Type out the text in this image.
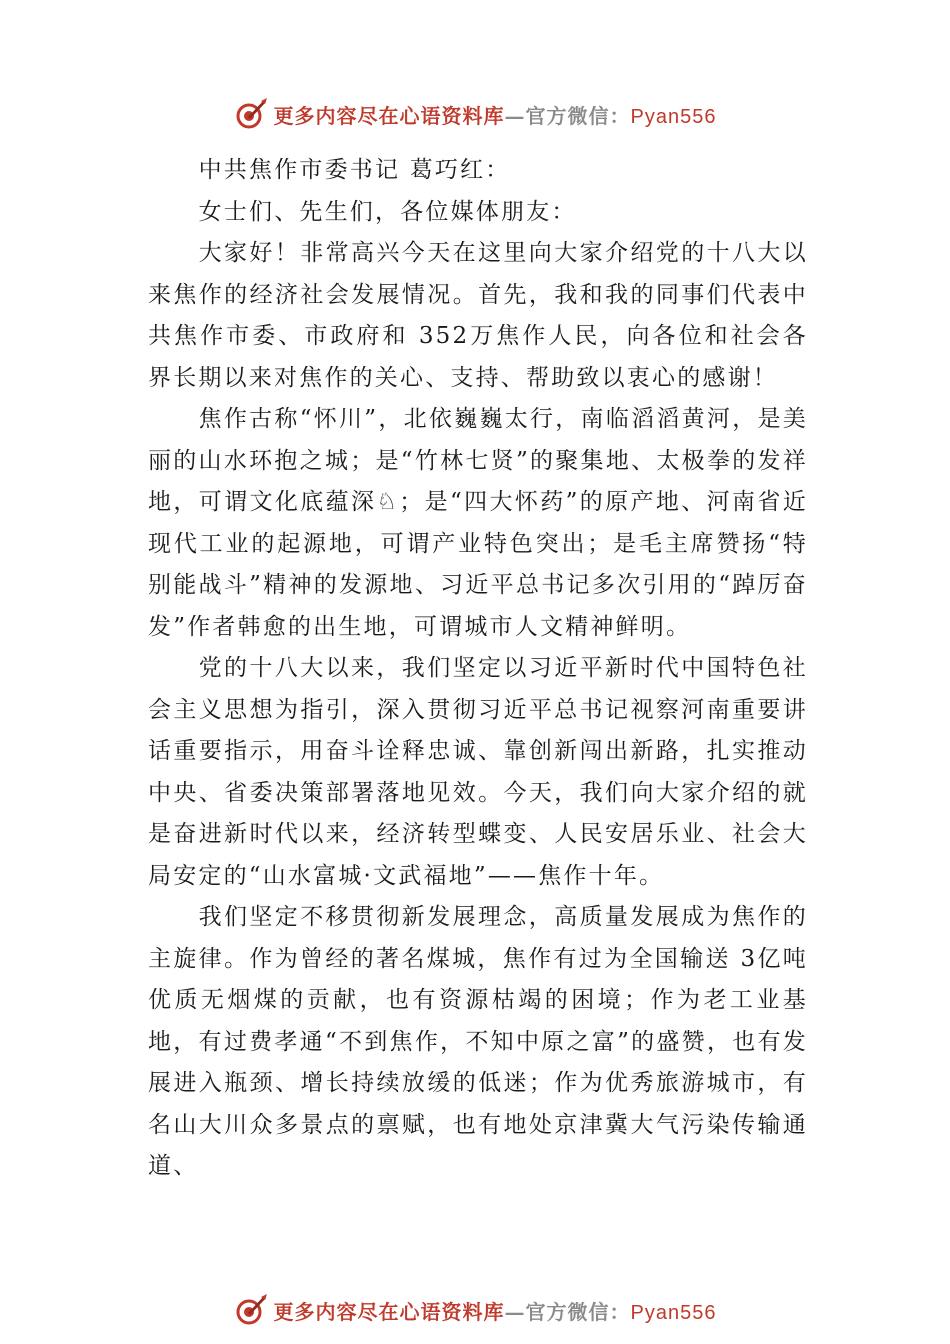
更多内容尽在心语资料库—官方微信：Pyan556

中共焦作市委书记 葛巧红：

女士们、先生们，各位媒体朋友：

大家好！非常高兴今天在这里向大家介绍党的十八大以来焦作的经济社会发展情况。首先，我和我的同事们代表中共焦作市委、市政府和 352万焦作人民，向各位和社会各界长期以来对焦作的关心、支持、帮助致以衷心的感谢！

焦作古称“怀川”，北依巍巍太行，南临滔滔黄河，是美丽的山水环抱之城；是“竹林七贤”的聚集地、太极拳的发祥地，可谓文化底蕴深♘；是“四大怀药”的原产地、河南省近现代工业的起源地，可谓产业特色突出；是毛主席赞扬“特别能战斗”精神的发源地、习近平总书记多次引用的“踔厉奋发”作者韩愈的出生地，可谓城市人文精神鲜明。

党的十八大以来，我们坚定以习近平新时代中国特色社会主义思想为指引，深入贯彻习近平总书记视察河南重要讲话重要指示，用奋斗诠释忠诚、靠创新闯出新路，扎实推动中央、省委决策部署落地见效。今天，我们向大家介绍的就是奋进新时代以来，经济转型蝶变、人民安居乐业、社会大局安定的“山水富城·文武福地”——焦作十年。

我们坚定不移贯彻新发展理念，高质量发展成为焦作的主旋律。作为曾经的著名煤城，焦作有过为全国输送 3亿吨优质无烟煤的贡献，也有资源枯竭的困境；作为老工业基地，有过费孝通“不到焦作，不知中原之富”的盛赞，也有发展进入瓶颈、增长持续放缓的低迷；作为优秀旅游城市，有名山大川众多景点的禀赋，也有地处京津冀大气污染传输通道、

更多内容尽在心语资料库—官方微信：Pyan556
